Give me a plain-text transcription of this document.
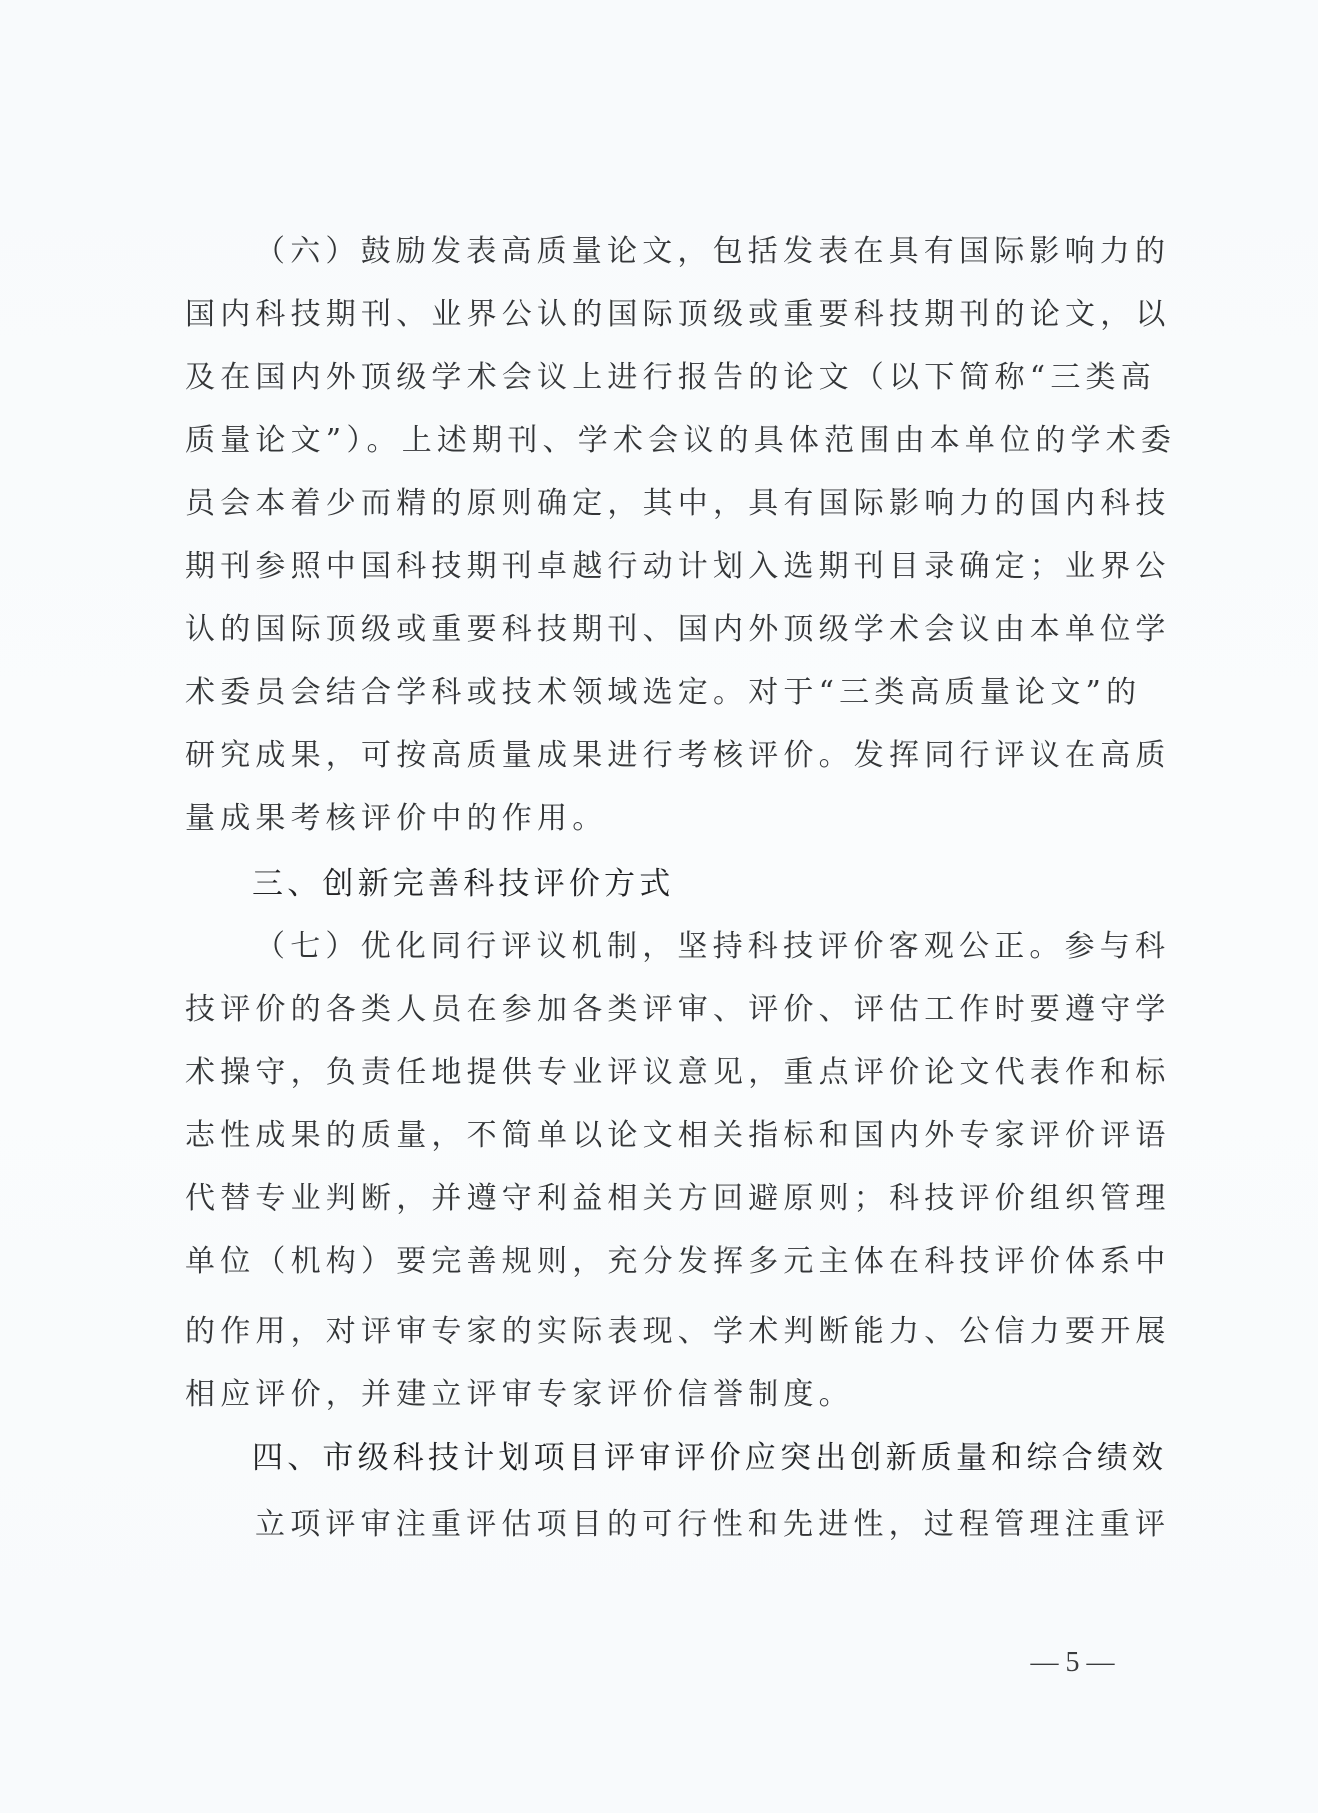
（六）鼓励发表高质量论文，包括发表在具有国际影响力的
国内科技期刊、业界公认的国际顶级或重要科技期刊的论文，以
及在国内外顶级学术会议上进行报告的论文（以下简称“三类高
质量论文”）。上述期刊、学术会议的具体范围由本单位的学术委
员会本着少而精的原则确定，其中，具有国际影响力的国内科技
期刊参照中国科技期刊卓越行动计划入选期刊目录确定；业界公
认的国际顶级或重要科技期刊、国内外顶级学术会议由本单位学
术委员会结合学科或技术领域选定。对于“三类高质量论文”的
研究成果，可按高质量成果进行考核评价。发挥同行评议在高质
量成果考核评价中的作用。
三、创新完善科技评价方式
（七）优化同行评议机制，坚持科技评价客观公正。参与科
技评价的各类人员在参加各类评审、评价、评估工作时要遵守学
术操守，负责任地提供专业评议意见，重点评价论文代表作和标
志性成果的质量，不简单以论文相关指标和国内外专家评价评语
代替专业判断，并遵守利益相关方回避原则；科技评价组织管理
单位（机构）要完善规则，充分发挥多元主体在科技评价体系中
的作用，对评审专家的实际表现、学术判断能力、公信力要开展
相应评价，并建立评审专家评价信誉制度。
四、市级科技计划项目评审评价应突出创新质量和综合绩效
立项评审注重评估项目的可行性和先进性，过程管理注重评
— 5 —
